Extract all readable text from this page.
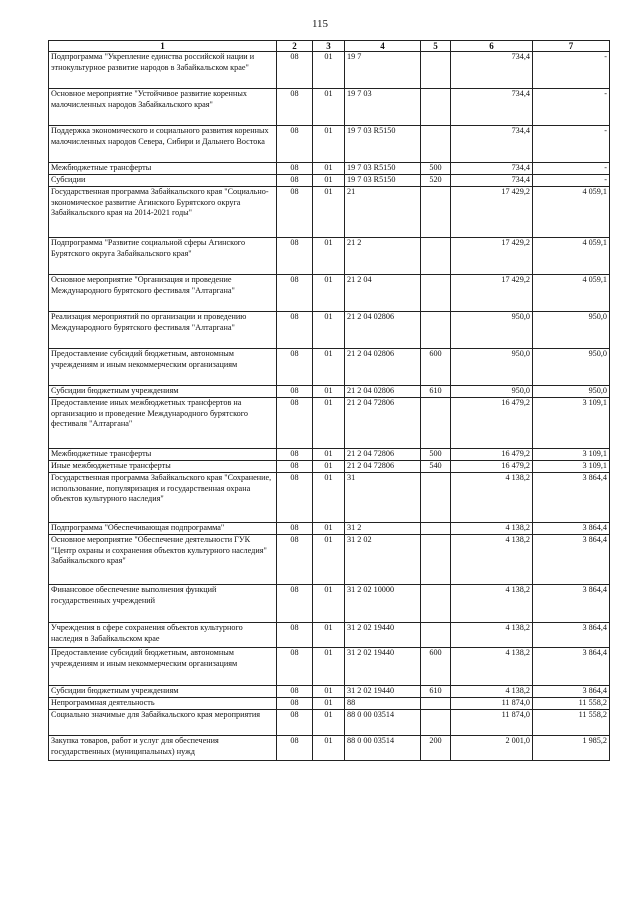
115
1	2	3	4	5	6	7
Подпрограмма "Укрепление единства российской нации и этнокультурное развитие народов в Забайкальском крае"	08	01	19 7		734,4	-
Основное мероприятие "Устойчивое развитие коренных малочисленных народов Забайкальского края"	08	01	19 7 03		734,4	-
Поддержка экономического и социального развития коренных малочисленных народов Севера, Сибири и Дальнего Востока	08	01	19 7 03 R5150		734,4	-
Межбюджетные трансферты	08	01	19 7 03 R5150	500	734,4	-
Субсидии	08	01	19 7 03 R5150	520	734,4	-
Государственная программа Забайкальского края "Социально-экономическое развитие Агинского Бурятского округа Забайкальского края на 2014-2021 годы"	08	01	21		17 429,2	4 059,1
Подпрограмма "Развитие социальной сферы Агинского Бурятского округа Забайкальского края"	08	01	21 2		17 429,2	4 059,1
Основное мероприятие "Организация и проведение Международного бурятского фестиваля "Алтаргана"	08	01	21 2 04		17 429,2	4 059,1
Реализация мероприятий по организации и проведению Международного бурятского фестиваля "Алтаргана"	08	01	21 2 04 02806		950,0	950,0
Предоставление субсидий бюджетным, автономным учреждениям и иным некоммерческим организациям	08	01	21 2 04 02806	600	950,0	950,0
Субсидии бюджетным учреждениям	08	01	21 2 04 02806	610	950,0	950,0
Предоставление иных межбюджетных трансфертов на организацию и проведение Международного бурятского фестиваля "Алтаргана"	08	01	21 2 04 72806		16 479,2	3 109,1
Межбюджетные трансферты	08	01	21 2 04 72806	500	16 479,2	3 109,1
Иные межбюджетные трансферты	08	01	21 2 04 72806	540	16 479,2	3 109,1
Государственная программа Забайкальского края "Сохранение, использование, популяризация и государственная охрана объектов культурного наследия"	08	01	31		4 138,2	3 864,4
Подпрограмма "Обеспечивающая подпрограмма"	08	01	31 2		4 138,2	3 864,4
Основное мероприятие "Обеспечение деятельности ГУК "Центр охраны и сохранения объектов культурного наследия" Забайкальского края"	08	01	31 2 02		4 138,2	3 864,4
Финансовое обеспечение выполнения функций государственных учреждений	08	01	31 2 02 10000		4 138,2	3 864,4
Учреждения в сфере сохранения объектов культурного наследия в Забайкальском крае	08	01	31 2 02 19440		4 138,2	3 864,4
Предоставление субсидий бюджетным, автономным учреждениям и иным некоммерческим организациям	08	01	31 2 02 19440	600	4 138,2	3 864,4
Субсидии бюджетным учреждениям	08	01	31 2 02 19440	610	4 138,2	3 864,4
Непрограммная деятельность	08	01	88		11 874,0	11 558,2
Социально значимые для Забайкальского края мероприятия	08	01	88 0 00 03514		11 874,0	11 558,2
Закупка товаров, работ и услуг для обеспечения государственных (муниципальных) нужд	08	01	88 0 00 03514	200	2 001,0	1 985,2
